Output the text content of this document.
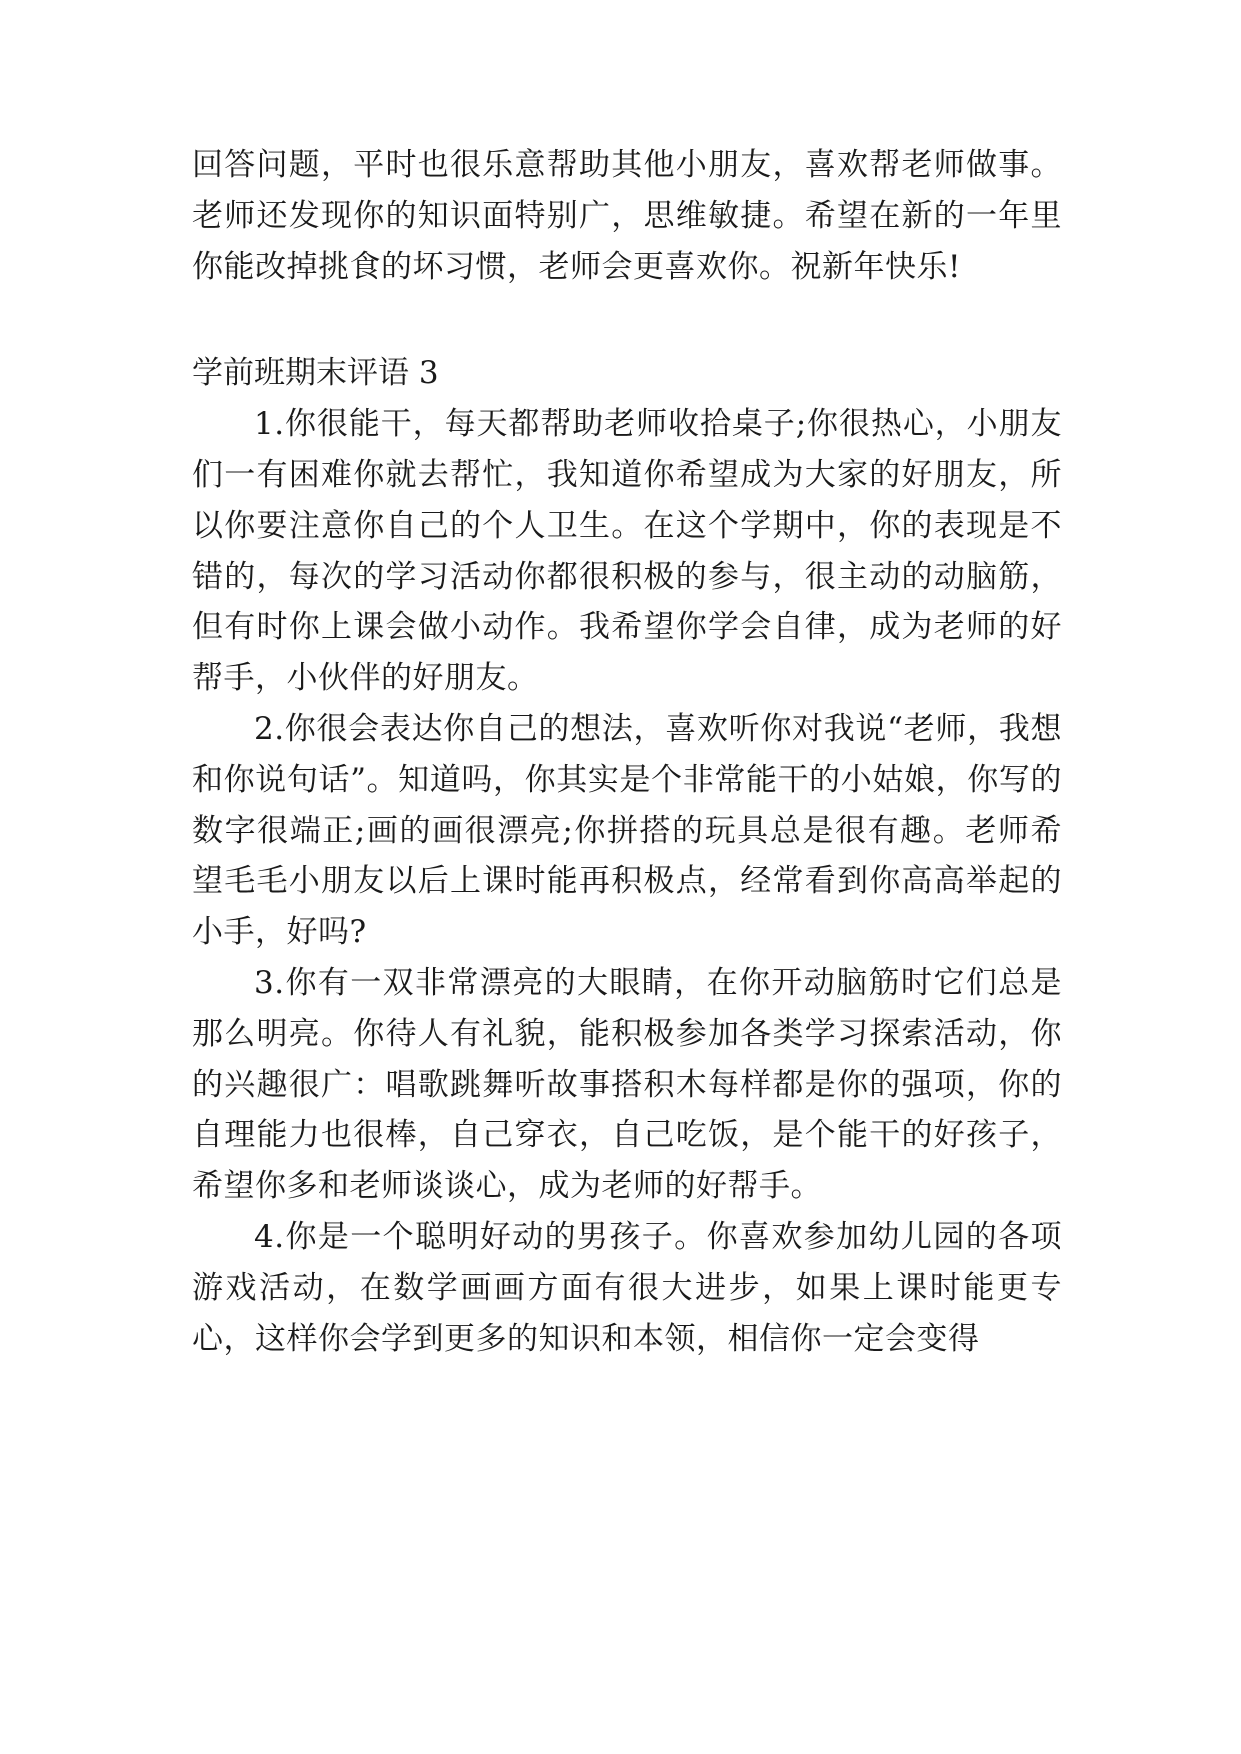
回答问题，平时也很乐意帮助其他小朋友，喜欢帮老师做事。老师还发现你的知识面特别广，思维敏捷。希望在新的一年里你能改掉挑食的坏习惯，老师会更喜欢你。祝新年快乐!

学前班期末评语 3

1.你很能干，每天都帮助老师收拾桌子;你很热心，小朋友们一有困难你就去帮忙，我知道你希望成为大家的好朋友，所以你要注意你自己的个人卫生。在这个学期中，你的表现是不错的，每次的学习活动你都很积极的参与，很主动的动脑筋，但有时你上课会做小动作。我希望你学会自律，成为老师的好帮手，小伙伴的好朋友。

2.你很会表达你自己的想法，喜欢听你对我说“老师，我想和你说句话”。知道吗，你其实是个非常能干的小姑娘，你写的数字很端正;画的画很漂亮;你拼搭的玩具总是很有趣。老师希望毛毛小朋友以后上课时能再积极点，经常看到你高高举起的小手，好吗?

3.你有一双非常漂亮的大眼睛，在你开动脑筋时它们总是那么明亮。你待人有礼貌，能积极参加各类学习探索活动，你的兴趣很广：唱歌跳舞听故事搭积木每样都是你的强项，你的自理能力也很棒，自己穿衣，自己吃饭，是个能干的好孩子，希望你多和老师谈谈心，成为老师的好帮手。

4.你是一个聪明好动的男孩子。你喜欢参加幼儿园的各项游戏活动，在数学画画方面有很大进步，如果上课时能更专心，这样你会学到更多的知识和本领，相信你一定会变得
